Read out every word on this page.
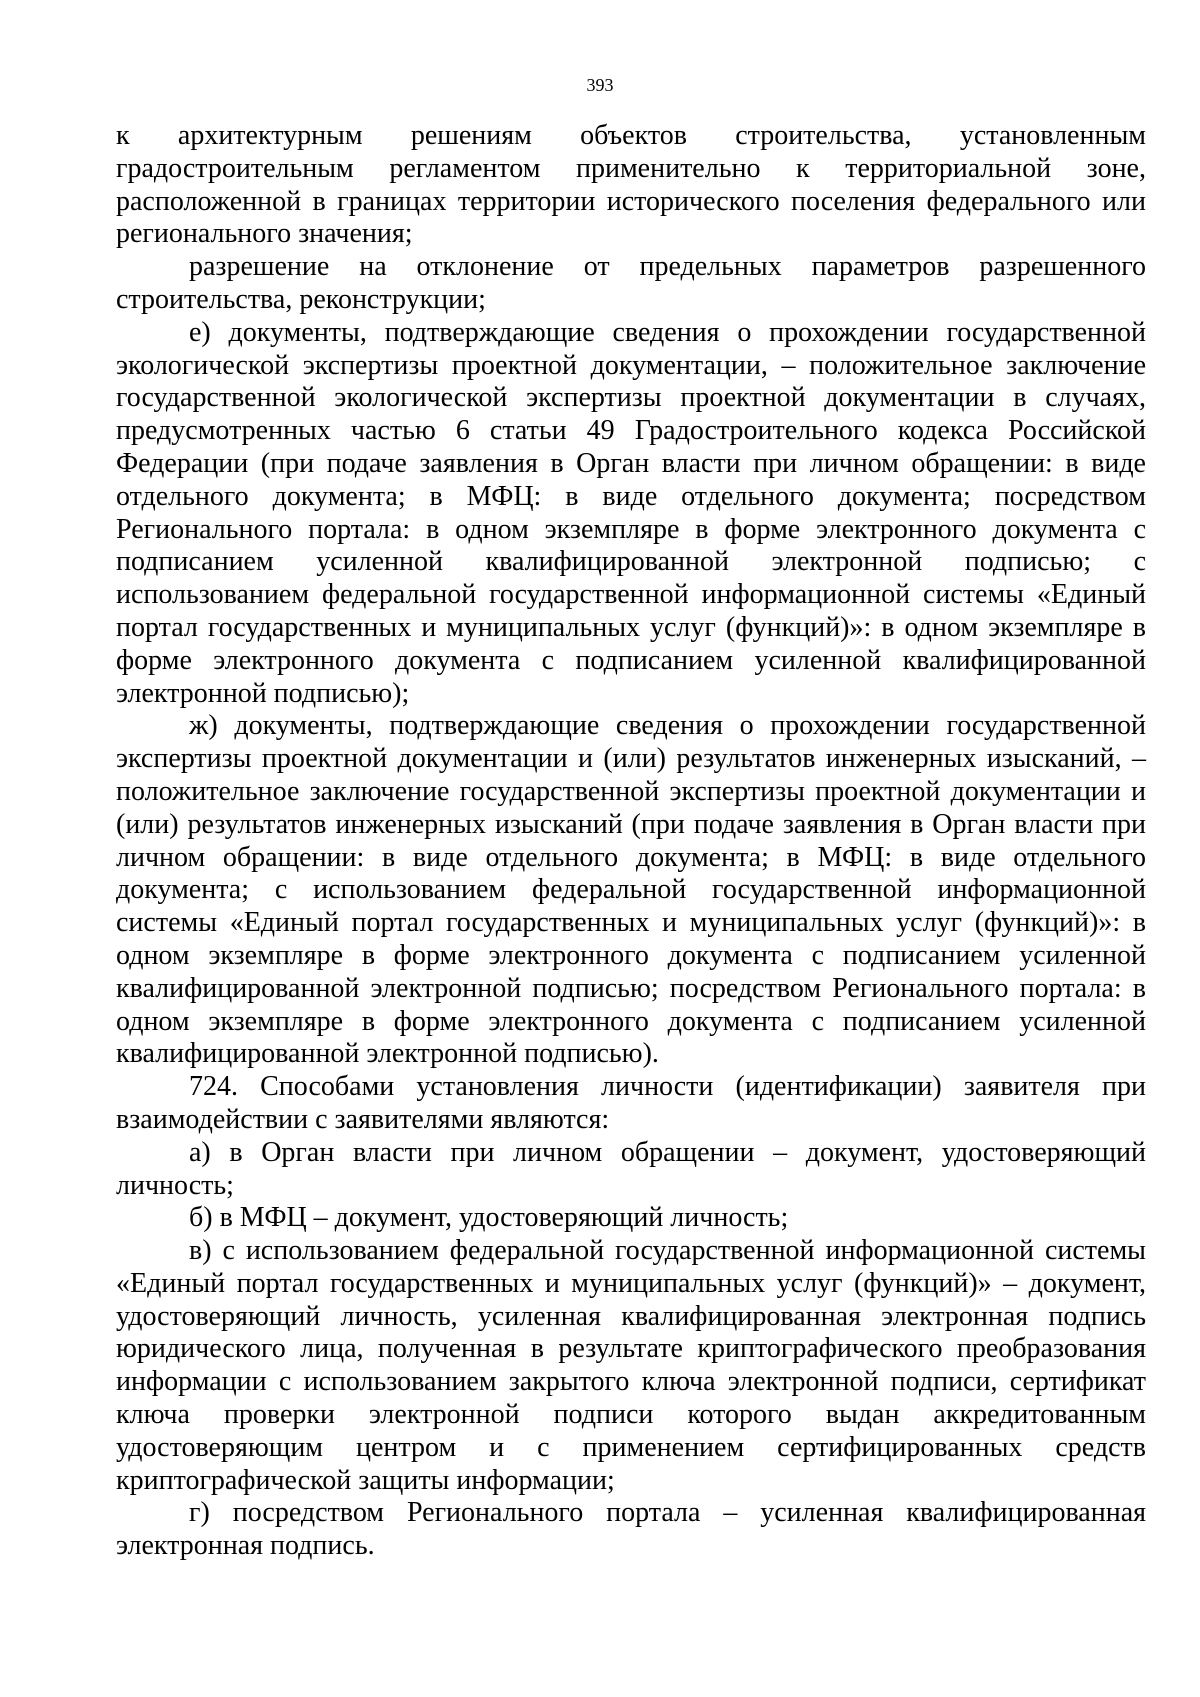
393

к архитектурным решениям объектов строительства, установленным градостроительным регламентом применительно к территориальной зоне, расположенной в границах территории исторического поселения федерального или регионального значения;

разрешение на отклонение от предельных параметров разрешенного строительства, реконструкции;

е) документы, подтверждающие сведения о прохождении государственной экологической экспертизы проектной документации, – положительное заключение государственной экологической экспертизы проектной документации в случаях, предусмотренных частью 6 статьи 49 Градостроительного кодекса Российской Федерации (при подаче заявления в Орган власти при личном обращении: в виде отдельного документа; в МФЦ: в виде отдельного документа; посредством Регионального портала: в одном экземпляре в форме электронного документа с подписанием усиленной квалифицированной электронной подписью; с использованием федеральной государственной информационной системы «Единый портал государственных и муниципальных услуг (функций)»: в одном экземпляре в форме электронного документа с подписанием усиленной квалифицированной электронной подписью);

ж) документы, подтверждающие сведения о прохождении государственной экспертизы проектной документации и (или) результатов инженерных изысканий, – положительное заключение государственной экспертизы проектной документации и (или) результатов инженерных изысканий (при подаче заявления в Орган власти при личном обращении: в виде отдельного документа; в МФЦ: в виде отдельного документа; с использованием федеральной государственной информационной системы «Единый портал государственных и муниципальных услуг (функций)»: в одном экземпляре в форме электронного документа с подписанием усиленной квалифицированной электронной подписью; посредством Регионального портала: в одном экземпляре в форме электронного документа с подписанием усиленной квалифицированной электронной подписью).

724. Способами установления личности (идентификации) заявителя при взаимодействии с заявителями являются:

а) в Орган власти при личном обращении – документ, удостоверяющий личность;

б) в МФЦ – документ, удостоверяющий личность;

в) с использованием федеральной государственной информационной системы «Единый портал государственных и муниципальных услуг (функций)» – документ, удостоверяющий личность, усиленная квалифицированная электронная подпись юридического лица, полученная в результате криптографического преобразования информации с использованием закрытого ключа электронной подписи, сертификат ключа проверки электронной подписи которого выдан аккредитованным удостоверяющим центром и с применением сертифицированных средств криптографической защиты информации;

г) посредством Регионального портала – усиленная квалифицированная электронная подпись.
